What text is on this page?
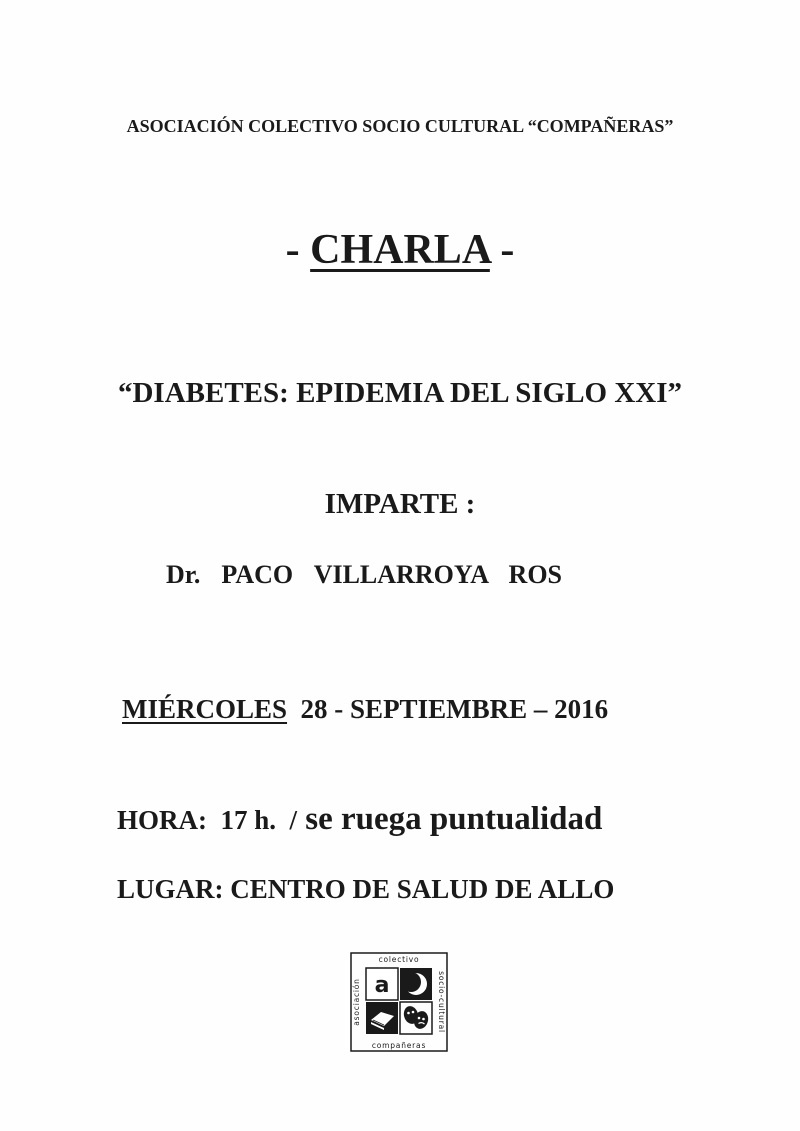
ASOCIACIÓN COLECTIVO SOCIO CULTURAL “COMPAÑERAS”
- CHARLA -
“DIABETES: EPIDEMIA DEL SIGLO XXI”
IMPARTE :
Dr.  PACO  VILLARROYA  ROS

MIÉRCOLES  28 - SEPTIEMBRE – 2016

HORA:  17 h.  / se ruega puntualidad

LUGAR: CENTRO DE SALUD DE ALLO
colectivo
compañeras
asociación	socio-cultural
a
